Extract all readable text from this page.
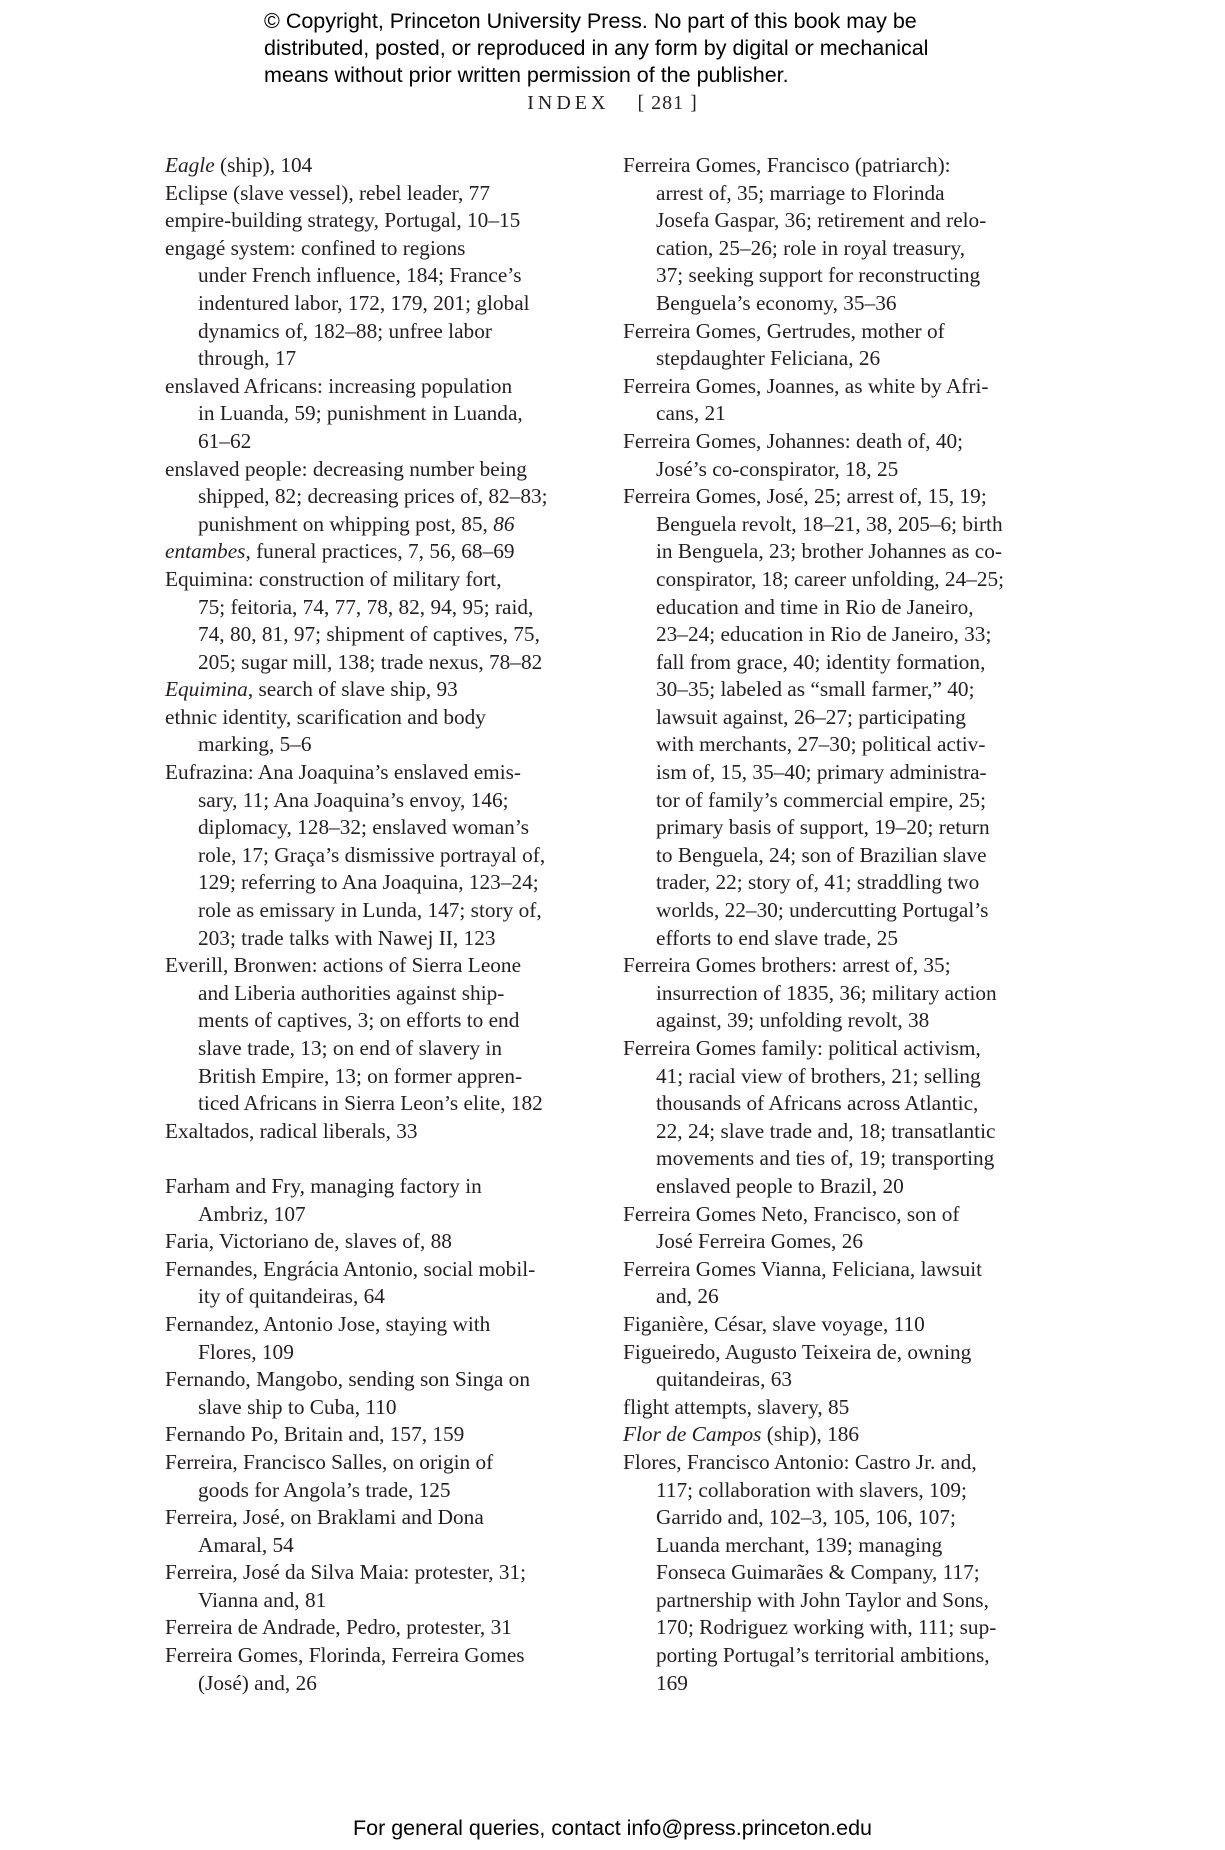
© Copyright, Princeton University Press. No part of this book may be
distributed, posted, or reproduced in any form by digital or mechanical
means without prior written permission of the publisher.
INDEX [ 281 ]
Eagle (ship), 104
Eclipse (slave vessel), rebel leader, 77
empire-building strategy, Portugal, 10–15
engagé system: confined to regions
under French influence, 184; France’s
indentured labor, 172, 179, 201; global
dynamics of, 182–88; unfree labor
through, 17
enslaved Africans: increasing population
in Luanda, 59; punishment in Luanda,
61–62
enslaved people: decreasing number being
shipped, 82; decreasing prices of, 82–83;
punishment on whipping post, 85, 86
entambes, funeral practices, 7, 56, 68–69
Equimina: construction of military fort,
75; feitoria, 74, 77, 78, 82, 94, 95; raid,
74, 80, 81, 97; shipment of captives, 75,
205; sugar mill, 138; trade nexus, 78–82
Equimina, search of slave ship, 93
ethnic identity, scarification and body
marking, 5–6
Eufrazina: Ana Joaquina’s enslaved emis-
sary, 11; Ana Joaquina’s envoy, 146;
diplomacy, 128–32; enslaved woman’s
role, 17; Graça’s dismissive portrayal of,
129; referring to Ana Joaquina, 123–24;
role as emissary in Lunda, 147; story of,
203; trade talks with Nawej II, 123
Everill, Bronwen: actions of Sierra Leone
and Liberia authorities against ship-
ments of captives, 3; on efforts to end
slave trade, 13; on end of slavery in
British Empire, 13; on former appren-
ticed Africans in Sierra Leon’s elite, 182
Exaltados, radical liberals, 33
Farham and Fry, managing factory in
Ambriz, 107
Faria, Victoriano de, slaves of, 88
Fernandes, Engrácia Antonio, social mobil-
ity of quitandeiras, 64
Fernandez, Antonio Jose, staying with
Flores, 109
Fernando, Mangobo, sending son Singa on
slave ship to Cuba, 110
Fernando Po, Britain and, 157, 159
Ferreira, Francisco Salles, on origin of
goods for Angola’s trade, 125
Ferreira, José, on Braklami and Dona
Amaral, 54
Ferreira, José da Silva Maia: protester, 31;
Vianna and, 81
Ferreira de Andrade, Pedro, protester, 31
Ferreira Gomes, Florinda, Ferreira Gomes
(José) and, 26
Ferreira Gomes, Francisco (patriarch):
arrest of, 35; marriage to Florinda
Josefa Gaspar, 36; retirement and relo-
cation, 25–26; role in royal treasury,
37; seeking support for reconstructing
Benguela’s economy, 35–36
Ferreira Gomes, Gertrudes, mother of
stepdaughter Feliciana, 26
Ferreira Gomes, Joannes, as white by Afri-
cans, 21
Ferreira Gomes, Johannes: death of, 40;
José’s co-conspirator, 18, 25
Ferreira Gomes, José, 25; arrest of, 15, 19;
Benguela revolt, 18–21, 38, 205–6; birth
in Benguela, 23; brother Johannes as co-
conspirator, 18; career unfolding, 24–25;
education and time in Rio de Janeiro,
23–24; education in Rio de Janeiro, 33;
fall from grace, 40; identity formation,
30–35; labeled as “small farmer,” 40;
lawsuit against, 26–27; participating
with merchants, 27–30; political activ-
ism of, 15, 35–40; primary administra-
tor of family’s commercial empire, 25;
primary basis of support, 19–20; return
to Benguela, 24; son of Brazilian slave
trader, 22; story of, 41; straddling two
worlds, 22–30; undercutting Portugal’s
efforts to end slave trade, 25
Ferreira Gomes brothers: arrest of, 35;
insurrection of 1835, 36; military action
against, 39; unfolding revolt, 38
Ferreira Gomes family: political activism,
41; racial view of brothers, 21; selling
thousands of Africans across Atlantic,
22, 24; slave trade and, 18; transatlantic
movements and ties of, 19; transporting
enslaved people to Brazil, 20
Ferreira Gomes Neto, Francisco, son of
José Ferreira Gomes, 26
Ferreira Gomes Vianna, Feliciana, lawsuit
and, 26
Figanière, César, slave voyage, 110
Figueiredo, Augusto Teixeira de, owning
quitandeiras, 63
flight attempts, slavery, 85
Flor de Campos (ship), 186
Flores, Francisco Antonio: Castro Jr. and,
117; collaboration with slavers, 109;
Garrido and, 102–3, 105, 106, 107;
Luanda merchant, 139; managing
Fonseca Guimarães & Company, 117;
partnership with John Taylor and Sons,
170; Rodriguez working with, 111; sup-
porting Portugal’s territorial ambitions,
169
For general queries, contact info@press.princeton.edu
